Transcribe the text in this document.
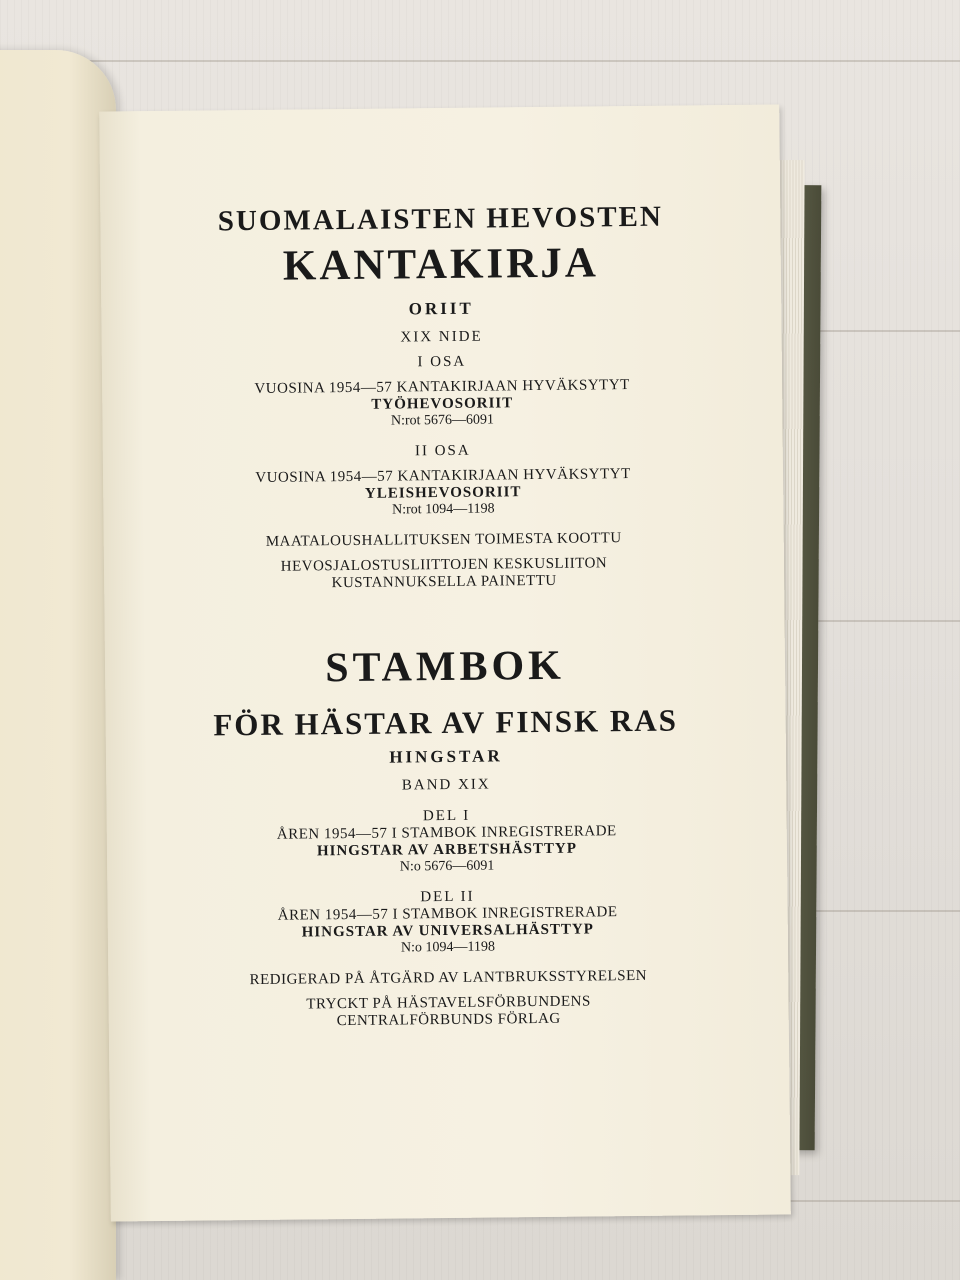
SUOMALAISTEN HEVOSTEN
KANTAKIRJA
ORIIT
XIX NIDE
I OSA
VUOSINA 1954—57 KANTAKIRJAAN HYVÄKSYTYT
TYÖHEVOSORIIT
N:rot 5676—6091
II OSA
VUOSINA 1954—57 KANTAKIRJAAN HYVÄKSYTYT
YLEISHEVOSORIIT
N:rot 1094—1198
MAATALOUSHALLITUKSEN TOIMESTA KOOTTU
HEVOSJALOSTUSLIITTOJEN KESKUSLIITON
KUSTANNUKSELLA PAINETTU
STAMBOK
FÖR HÄSTAR AV FINSK RAS
HINGSTAR
BAND XIX
DEL I
ÅREN 1954—57 I STAMBOK INREGISTRERADE
HINGSTAR AV ARBETSHÄSTTYP
N:o 5676—6091
DEL II
ÅREN 1954—57 I STAMBOK INREGISTRERADE
HINGSTAR AV UNIVERSALHÄSTTYP
N:o 1094—1198
REDIGERAD PÅ ÅTGÄRD AV LANTBRUKSSTYRELSEN
TRYCKT PÅ HÄSTAVELSFÖRBUNDENS
CENTRALFÖRBUNDS FÖRLAG
